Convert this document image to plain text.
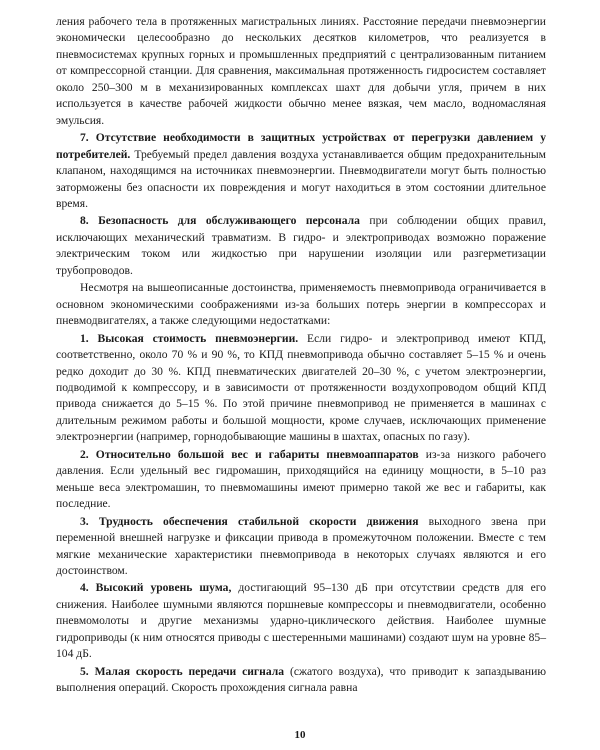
ления рабочего тела в протяженных магистральных линиях. Расстояние передачи пневмоэнергии экономически целесообразно до нескольких десятков километров, что реализуется в пневмосистемах крупных горных и промышленных предприятий с централизованным питанием от компрессорной станции. Для сравнения, максимальная протяженность гидросистем составляет около 250–300 м в механизированных комплексах шахт для добычи угля, причем в них используется в качестве рабочей жидкости обычно менее вязкая, чем масло, водномасляная эмульсия.

7. Отсутствие необходимости в защитных устройствах от перегрузки давлением у потребителей. Требуемый предел давления воздуха устанавливается общим предохранительным клапаном, находящимся на источниках пневмоэнергии. Пневмодвигатели могут быть полностью заторможены без опасности их повреждения и могут находиться в этом состоянии длительное время.

8. Безопасность для обслуживающего персонала при соблюдении общих правил, исключающих механический травматизм. В гидро- и электроприводах возможно поражение электрическим током или жидкостью при нарушении изоляции или разгерметизации трубопроводов.

Несмотря на вышеописанные достоинства, применяемость пневмопривода ограничивается в основном экономическими соображениями из-за больших потерь энергии в компрессорах и пневмодвигателях, а также следующими недостатками:

1. Высокая стоимость пневмоэнергии. Если гидро- и электропривод имеют КПД, соответственно, около 70 % и 90 %, то КПД пневмопривода обычно составляет 5–15 % и очень редко доходит до 30 %. КПД пневматических двигателей 20–30 %, с учетом электроэнергии, подводимой к компрессору, и в зависимости от протяженности воздухопроводом общий КПД привода снижается до 5–15 %. По этой причине пневмопривод не применяется в машинах с длительным режимом работы и большой мощности, кроме случаев, исключающих применение электроэнергии (например, горнодобывающие машины в шахтах, опасных по газу).

2. Относительно большой вес и габариты пневмоаппаратов из-за низкого рабочего давления. Если удельный вес гидромашин, приходящийся на единицу мощности, в 5–10 раз меньше веса электромашин, то пневмомашины имеют примерно такой же вес и габариты, как последние.

3. Трудность обеспечения стабильной скорости движения выходного звена при переменной внешней нагрузке и фиксации привода в промежуточном положении. Вместе с тем мягкие механические характеристики пневмопривода в некоторых случаях являются и его достоинством.

4. Высокий уровень шума, достигающий 95–130 дБ при отсутствии средств для его снижения. Наиболее шумными являются поршневые компрессоры и пневмодвигатели, особенно пневмомолоты и другие механизмы ударно-циклического действия. Наиболее шумные гидроприводы (к ним относятся приводы с шестеренными машинами) создают шум на уровне 85–104 дБ.

5. Малая скорость передачи сигнала (сжатого воздуха), что приводит к запаздыванию выполнения операций. Скорость прохождения сигнала равна

10
